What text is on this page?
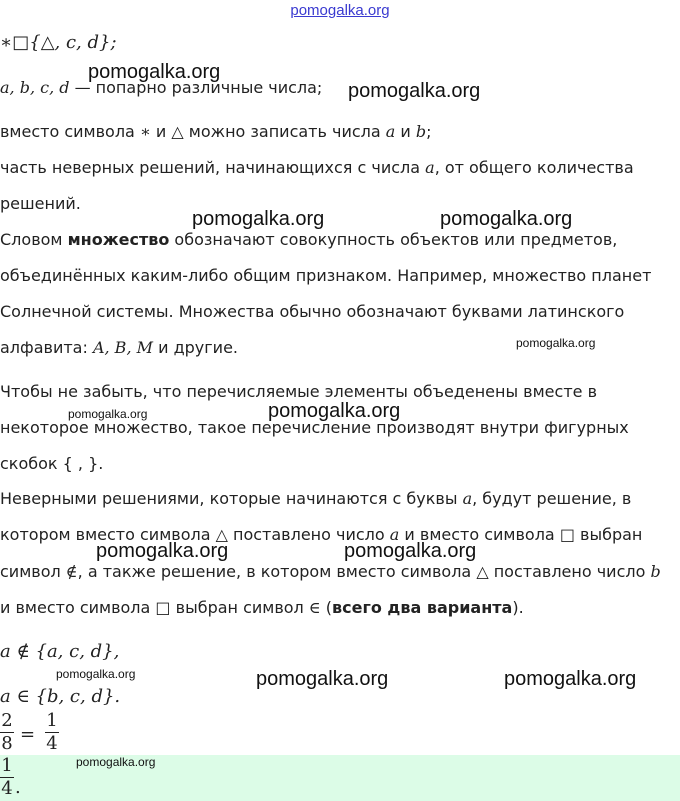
pomogalka.org
∗□{△, c, d};
a, b, c, d — попарно различные числа;
вместо символа ∗ и △ можно записать числа a и b;
часть неверных решений, начинающихся с числа a, от общего количества
решений.
Словом множество обозначают совокупность объектов или предметов,
объединённых каким-либо общим признаком. Например, множество планет
Солнечной системы. Множества обычно обозначают буквами латинского
алфавита: A, B, M и другие.
Чтобы не забыть, что перечисляемые элементы объеденены вместе в
некоторое множество, такое перечисление производят внутри фигурных
скобок { , }.
Неверными решениями, которые начинаются с буквы a, будут решение, в
котором вместо символа △ поставлено число a и вместо символа □ выбран
символ ∉, а также решение, в котором вместо символа △ поставлено число b
и вместо символа □ выбран символ ∈ (всего два варианта).
a ∉ {a, c, d},
a ∈ {b, c, d}.
2
8 =
1
4
1
4 .
pomogalka.org
pomogalka.org
pomogalka.org	pomogalka.org
pomogalka.org
pomogalka.org	pomogalka.org
pomogalka.org	pomogalka.org
pomogalka.org	pomogalka.org	pomogalka.org
pomogalka.org
